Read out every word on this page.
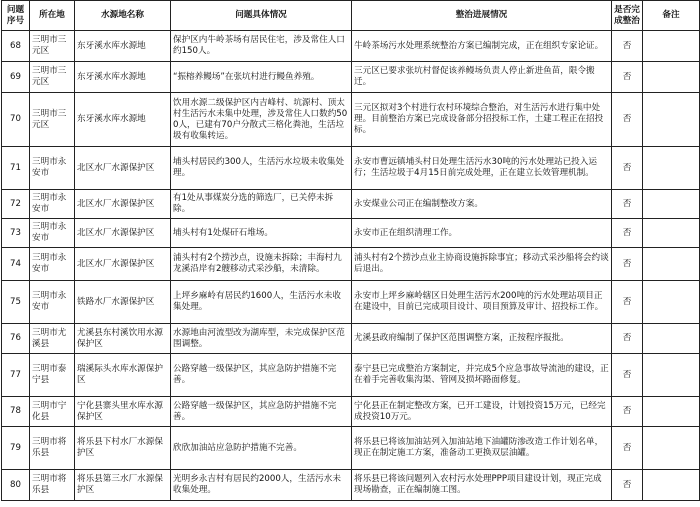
问题序号	所在地	水源地名称	问题具体情况	整治进展情况	是否完成整治	备注
68	三明市三元区	东牙溪水库水源地	保护区内牛岭茶场有居民住宅，涉及常住人口约150人。	牛岭茶场污水处理系统整治方案已编制完成，正在组织专家论证。	否	
69	三明市三元区	东牙溪水库水源地	“振榕养鳗场”在张坑村进行鳗鱼养殖。	三元区已要求张坑村督促该养鳗场负责人停止新进鱼苗，限令搬迁。	否	
70	三明市三元区	东牙溪水库水源地	饮用水源二级保护区内吉峰村、坑源村、顶太村生活污水未集中处理，涉及常住人口数约500人，已建有70户分散式三格化粪池，生活垃圾有收集转运。	三元区拟对3个村进行农村环境综合整治，对生活污水进行集中处理。目前整治方案已完成设备部分招投标工作，土建工程正在招投标。	否	
71	三明市永安市	北区水厂水源保护区	埔头村居民约300人，生活污水垃圾未收集处理。	永安市曹远镇埔头村日处理生活污水30吨的污水处理站已投入运行；生活垃圾于4月15日前完成处理，正在建立长效管理机制。	否	
72	三明市永安市	北区水厂水源保护区	有1处从事煤炭分选的筛选厂，已关停未拆除。	永安煤业公司正在编制整改方案。	否	
73	三明市永安市	北区水厂水源保护区	埔头村有1处煤矸石堆场。	永安市正在组织清理工作。	否	
74	三明市永安市	北区水厂水源保护区	浦头村有2个捞沙点，设施未拆除；丰海村九龙溪沿岸有2艘移动式采沙船，未清除。	浦头村有2个捞沙点业主协商设施拆除事宜；移动式采沙船将会约谈后退出。	否	
75	三明市永安市	铁路水厂水源保护区	上坪乡麻岭有居民约1600人，生活污水未收集处理。	永安市上坪乡麻岭辖区日处理生活污水200吨的污水处理站项目正在建设中，目前已完成项目设计、项目预算及审计、招投标工作。	否	
76	三明市尤溪县	尤溪县东村溪饮用水源保护区	水源地由河流型改为湖库型，未完成保护区范围调整。	尤溪县政府编制了保护区范围调整方案，正按程序报批。	否	
77	三明市泰宁县	瑞溪际头水库水源保护区	公路穿越一级保护区，其应急防护措施不完善。	泰宁县已完成整治方案制定，并完成5个应急事故导流池的建设，正在着手完善收集沟渠、管网及损坏路面修复。	否	
78	三明市宁化县	宁化县寨头里水库水源保护区	公路穿越一级保护区，其应急防护措施不完善。	宁化县正在制定整改方案，已开工建设，计划投资15万元，已经完成投资10万元。	否	
79	三明市将乐县	将乐县下村水厂水源保护区	欣欣加油站应急防护措施不完善。	将乐县已将该加油站列入加油站地下油罐防渗改造工作计划名单，现正在制定施工方案，准备动工更换双层油罐。	否	
80	三明市将乐县	将乐县第三水厂水源保护区	光明乡永吉村有居民约2000人，生活污水未收集处理。	将乐县已将该问题列入农村污水处理PPP项目建设计划，现正完成现场勘查，正在编制施工图。	否	
